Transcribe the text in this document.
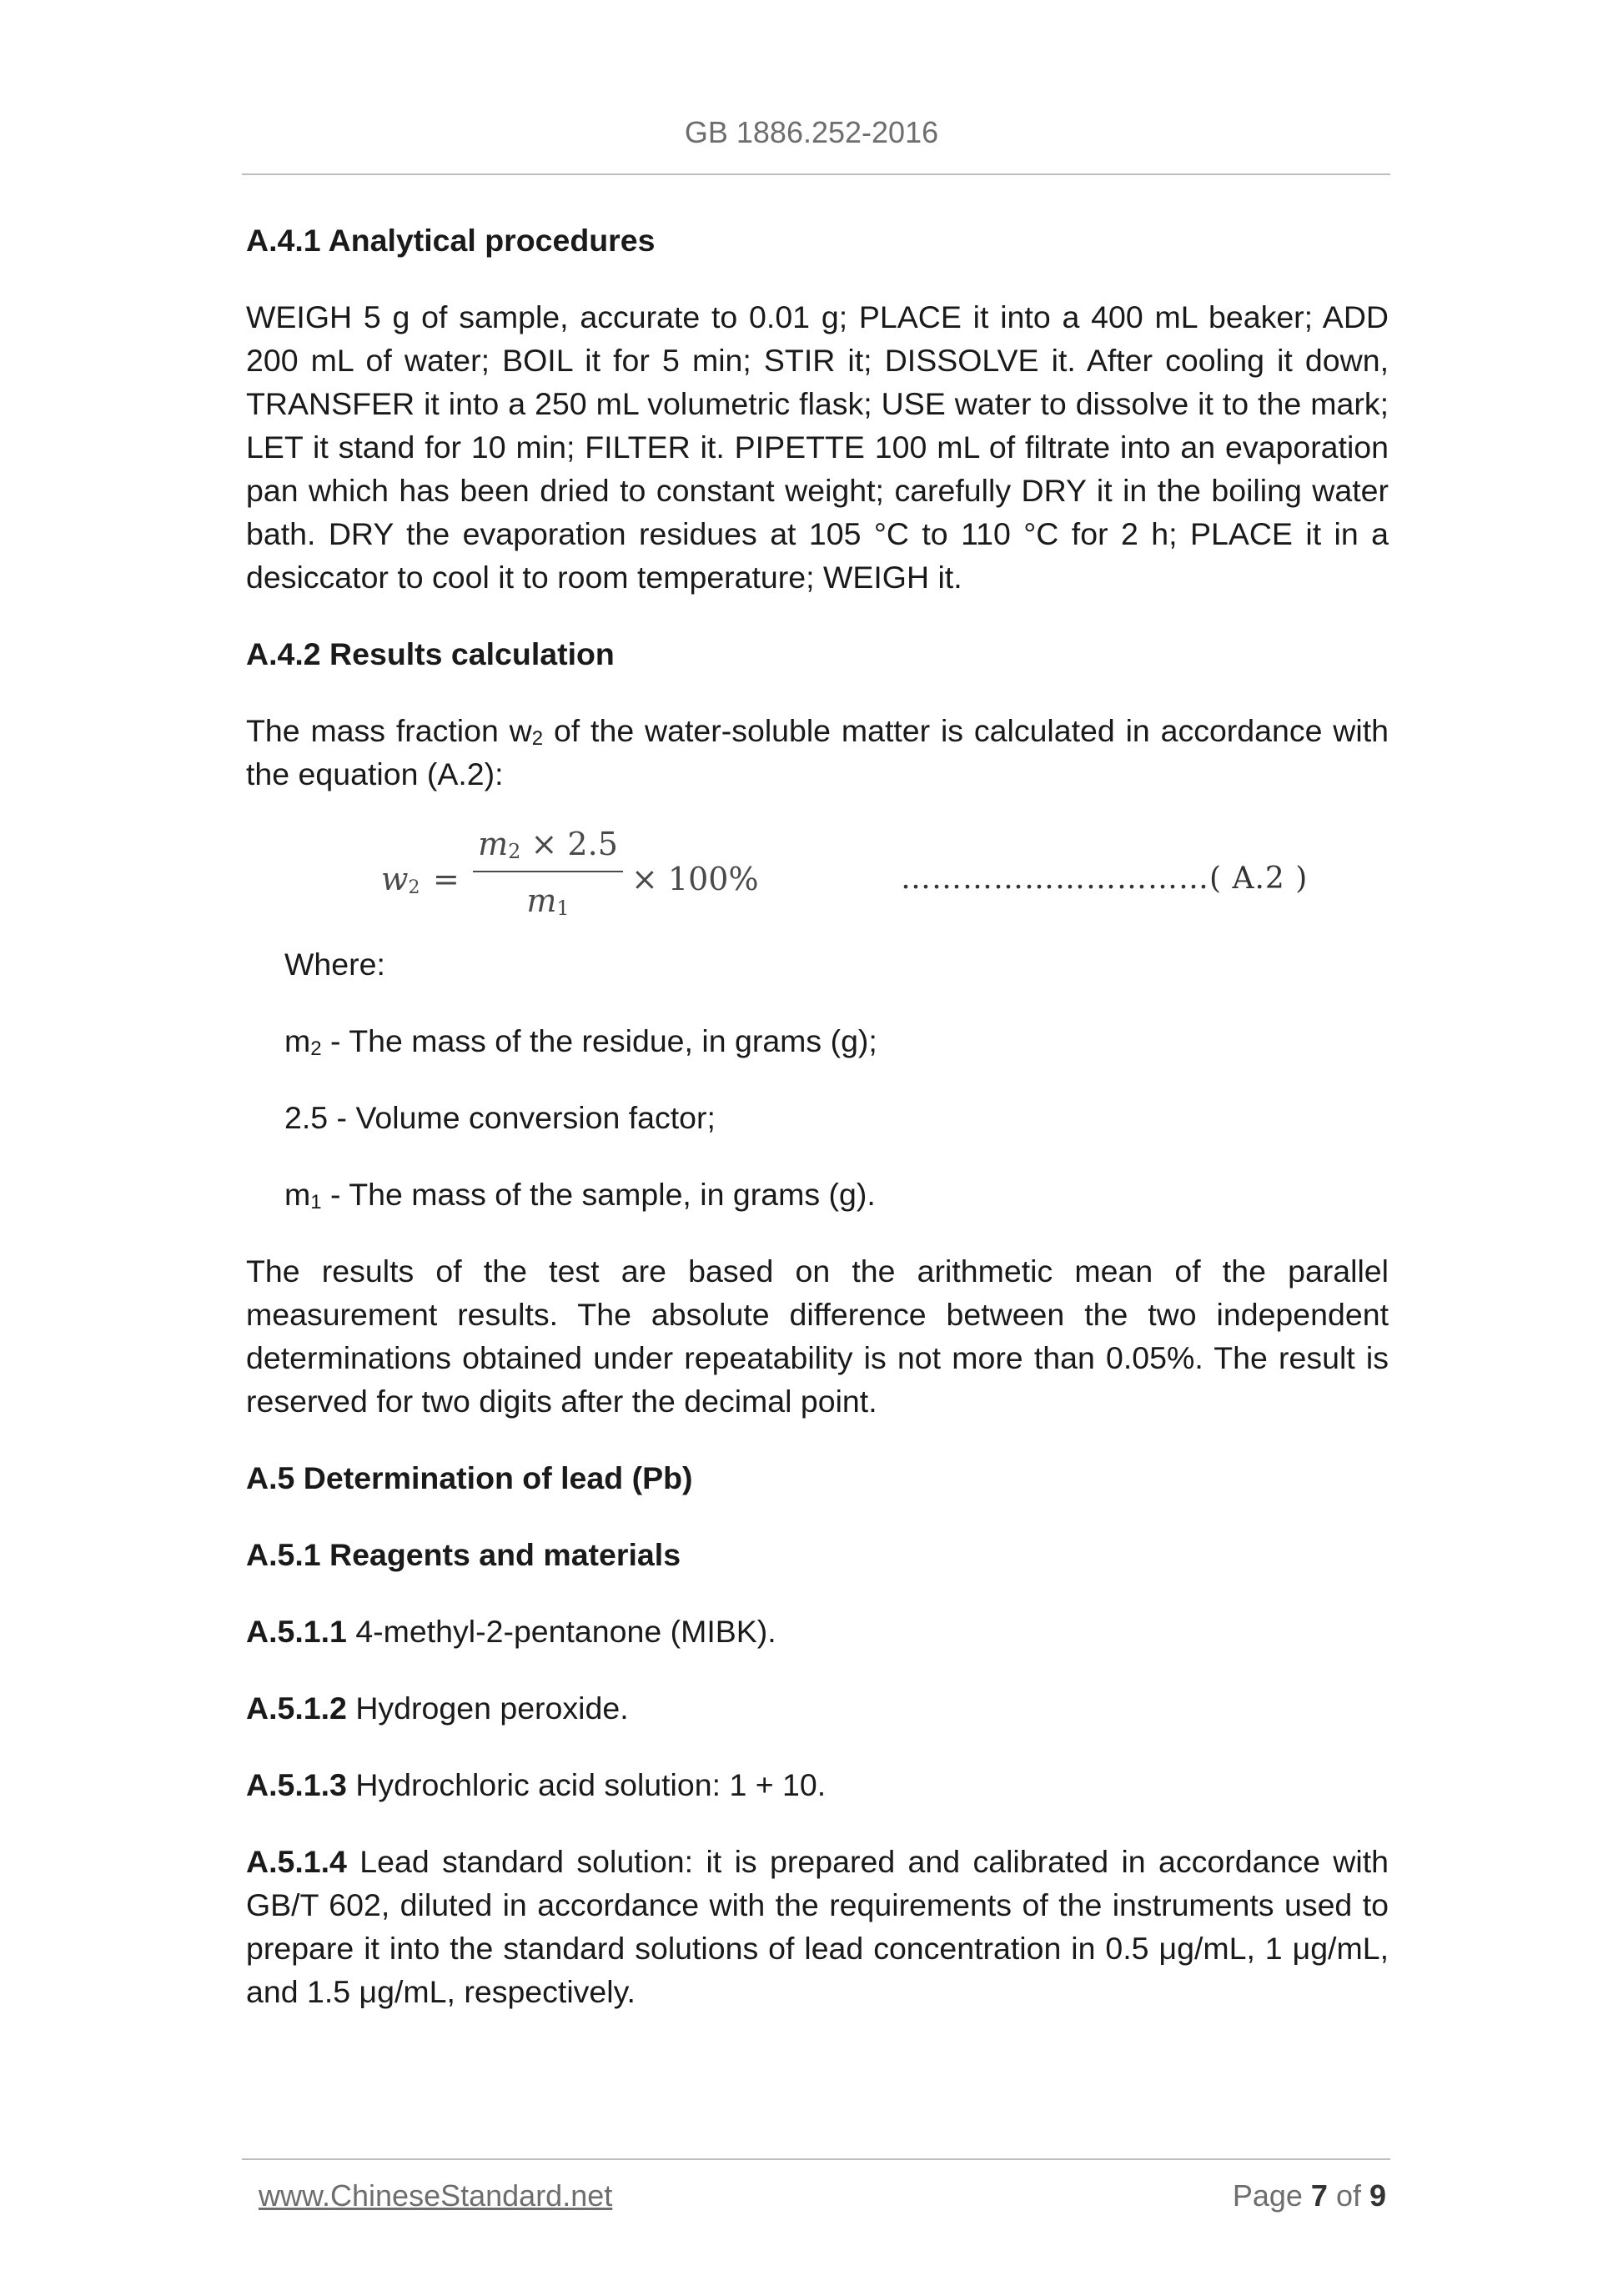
GB 1886.252-2016

A.4.1 Analytical procedures

WEIGH 5 g of sample, accurate to 0.01 g; PLACE it into a 400 mL beaker; ADD 200 mL of water; BOIL it for 5 min; STIR it; DISSOLVE it. After cooling it down, TRANSFER it into a 250 mL volumetric flask; USE water to dissolve it to the mark; LET it stand for 10 min; FILTER it. PIPETTE 100 mL of filtrate into an evaporation pan which has been dried to constant weight; carefully DRY it in the boiling water bath. DRY the evaporation residues at 105 °C to 110 °C for 2 h; PLACE it in a desiccator to cool it to room temperature; WEIGH it.

A.4.2 Results calculation

The mass fraction $w_2$ of the water-soluble matter is calculated in accordance with the equation (A.2):

$w_2$ =
$m_2 \times 2.5$
$m_1$
× 100%	…………………………( A.2 )

Where:

$m_2$ - The mass of the residue, in grams (g);

2.5 - Volume conversion factor;

$m_1$ - The mass of the sample, in grams (g).

The results of the test are based on the arithmetic mean of the parallel measurement results. The absolute difference between the two independent determinations obtained under repeatability is not more than 0.05%. The result is reserved for two digits after the decimal point.

A.5 Determination of lead (Pb)

A.5.1 Reagents and materials

A.5.1.1 4-methyl-2-pentanone (MIBK).

A.5.1.2 Hydrogen peroxide.

A.5.1.3 Hydrochloric acid solution: 1 + 10.

A.5.1.4 Lead standard solution: it is prepared and calibrated in accordance with GB/T 602, diluted in accordance with the requirements of the instruments used to prepare it into the standard solutions of lead concentration in 0.5 μg/mL, 1 μg/mL, and 1.5 μg/mL, respectively.

www.ChineseStandard.net	Page 7 of 9
